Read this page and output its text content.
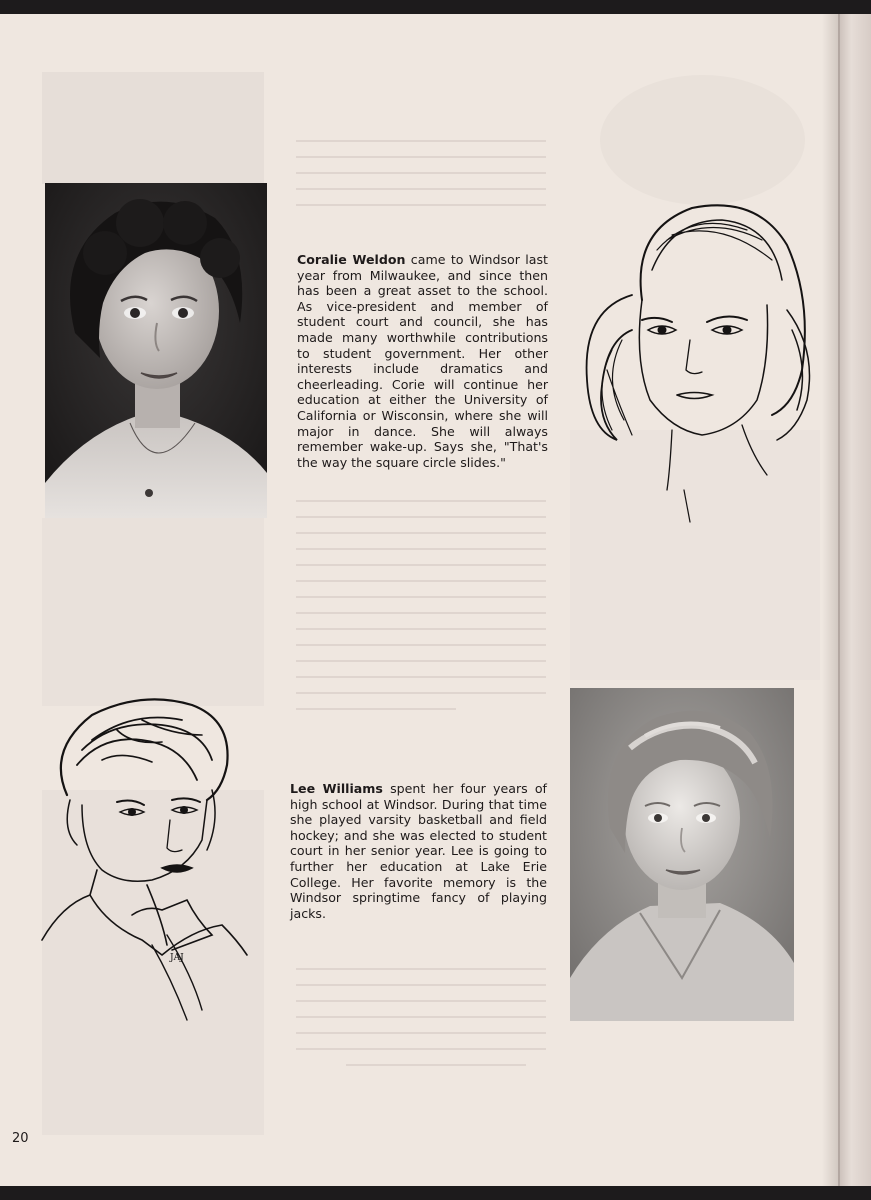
Coralie Weldon came to Windsor last year from Milwaukee, and since then has been a great asset to the school. As vice-president and member of student court and council, she has made many worthwhile contributions to student government. Her other interests include dramatics and cheerleading. Corie will continue her education at either the University of California or Wisconsin, where she will major in dance. She will always remember wake-up. Says she, "That's the way the square circle slides."
JAJ
Lee Williams spent her four years of high school at Windsor. During that time she played varsity basketball and field hockey; and she was elected to student court in her senior year. Lee is going to further her education at Lake Erie College. Her favorite memory is the Windsor springtime fancy of playing jacks.
20
